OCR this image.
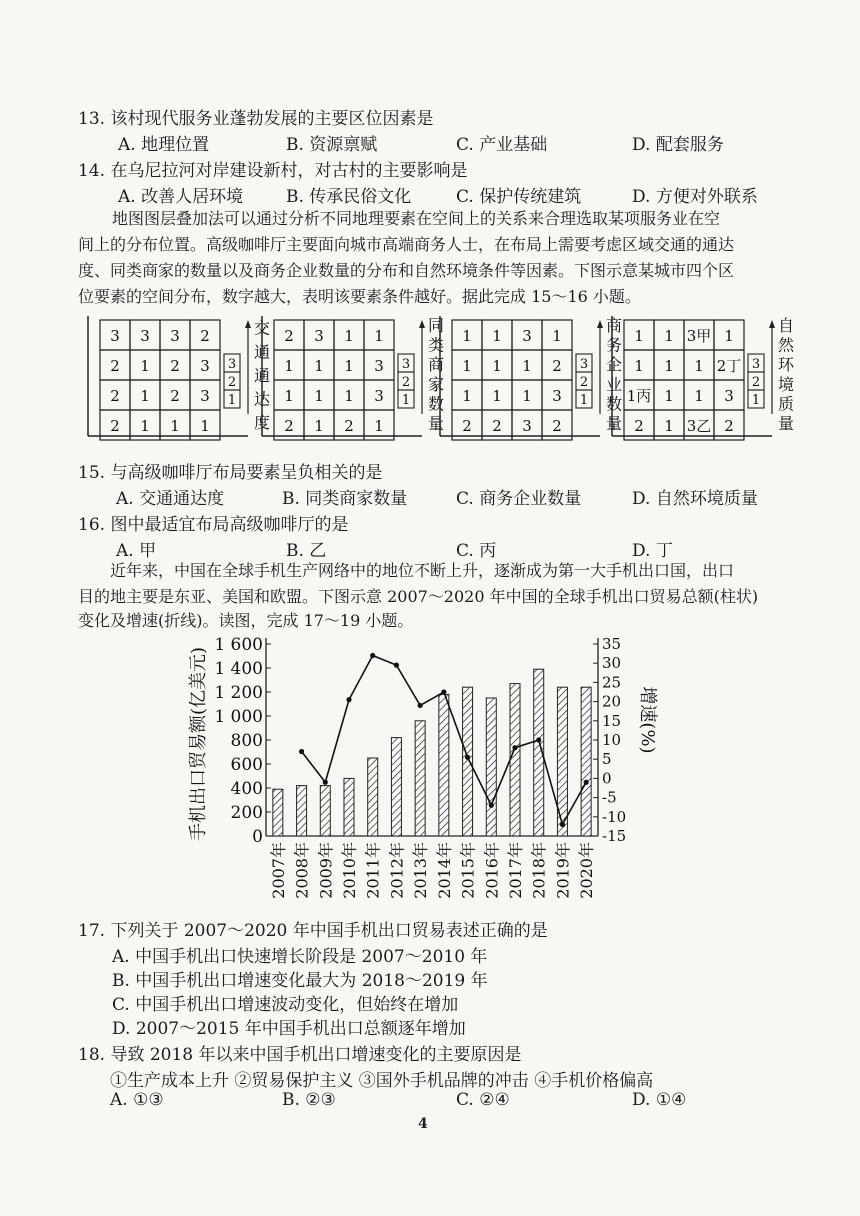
13. 该村现代服务业蓬勃发展的主要区位因素是
A. 地理位置	B. 资源禀赋	C. 产业基础	D. 配套服务
14. 在乌尼拉河对岸建设新村，对古村的主要影响是
A. 改善人居环境	B. 传承民俗文化	C. 保护传统建筑	D. 方便对外联系
地图图层叠加法可以通过分析不同地理要素在空间上的关系来合理选取某项服务业在空
间上的分布位置。高级咖啡厅主要面向城市高端商务人士，在布局上需要考虑区域交通的通达
度、同类商家的数量以及商务企业数量的分布和自然环境条件等因素。下图示意某城市四个区
位要素的空间分布，数字越大，表明该要素条件越好。据此完成 15～16 小题。
3 3 3 2
2 1 2 3
2 1 2 3
2 1 1 1
3
2
1
交
通
通
达
度
2 3 1 1
1 1 1 3
1 1 1 3
2 1 2 1
3
2
1
同
类
商
家
数
量
1 1 3 1
1 1 1 2
1 1 1 3
2 2 3 2
3
2
1
商
务
企
业
数
量
1 1 3甲 1
1 1 1 2丁
1丙 1 1 3
2 1 3乙 2
3
2
1
自
然
环
境
质
量
15. 与高级咖啡厅布局要素呈负相关的是
A. 交通通达度	B. 同类商家数量	C. 商务企业数量	D. 自然环境质量
16. 图中最适宜布局高级咖啡厅的是
A. 甲	B. 乙	C. 丙	D. 丁
近年来，中国在全球手机生产网络中的地位不断上升，逐渐成为第一大手机出口国，出口
目的地主要是东亚、美国和欧盟。下图示意 2007～2020 年中国的全球手机出口贸易总额(柱状)
变化及增速(折线)。读图，完成 17～19 小题。
0
200
400
600
800
1 000
1 200
1 400
1 600
-15
-10
-5
0
5
10
15
20
25
30
35
手机出口贸易额(亿美元)	增速(%)
2007年 2008年 2009年 2010年 2011年 2012年 2013年 2014年 2015年 2016年 2017年 2018年 2019年 2020年
17. 下列关于 2007～2020 年中国手机出口贸易表述正确的是
A. 中国手机出口快速增长阶段是 2007～2010 年
B. 中国手机出口增速变化最大为 2018～2019 年
C. 中国手机出口增速波动变化，但始终在增加
D. 2007～2015 年中国手机出口总额逐年增加
18. 导致 2018 年以来中国手机出口增速变化的主要原因是
①生产成本上升 ②贸易保护主义 ③国外手机品牌的冲击 ④手机价格偏高
A. ①③	B. ②③	C. ②④	D. ①④
4
